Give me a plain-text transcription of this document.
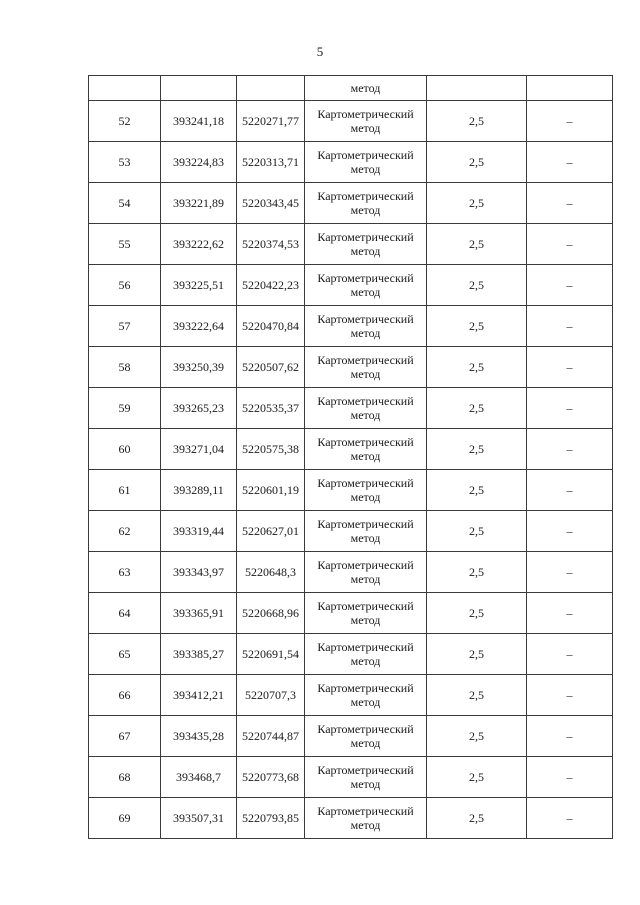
5
			метод		
52	393241,18	5220271,77	Картометрический метод	2,5	–
53	393224,83	5220313,71	Картометрический метод	2,5	–
54	393221,89	5220343,45	Картометрический метод	2,5	–
55	393222,62	5220374,53	Картометрический метод	2,5	–
56	393225,51	5220422,23	Картометрический метод	2,5	–
57	393222,64	5220470,84	Картометрический метод	2,5	–
58	393250,39	5220507,62	Картометрический метод	2,5	–
59	393265,23	5220535,37	Картометрический метод	2,5	–
60	393271,04	5220575,38	Картометрический метод	2,5	–
61	393289,11	5220601,19	Картометрический метод	2,5	–
62	393319,44	5220627,01	Картометрический метод	2,5	–
63	393343,97	5220648,3	Картометрический метод	2,5	–
64	393365,91	5220668,96	Картометрический метод	2,5	–
65	393385,27	5220691,54	Картометрический метод	2,5	–
66	393412,21	5220707,3	Картометрический метод	2,5	–
67	393435,28	5220744,87	Картометрический метод	2,5	–
68	393468,7	5220773,68	Картометрический метод	2,5	–
69	393507,31	5220793,85	Картометрический метод	2,5	–
